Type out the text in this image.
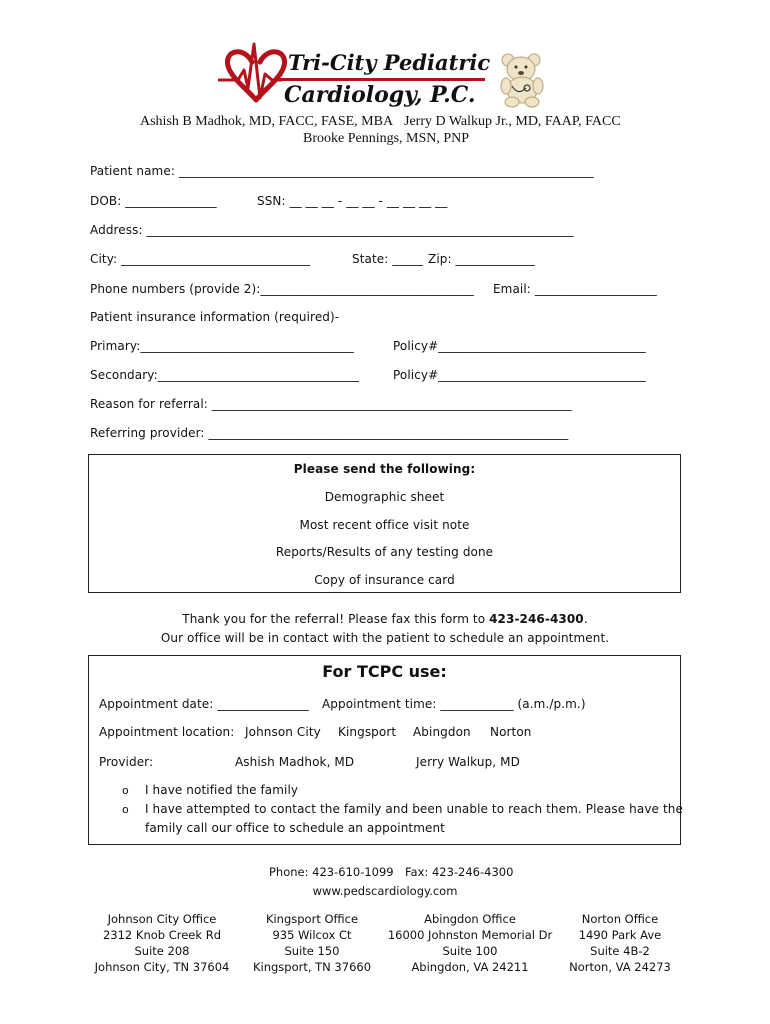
Tri-City Pediatric
Cardiology, P.C.
Ashish B Madhok, MD, FACC, FASE, MBA Jerry D Walkup Jr., MD, FAAP, FACC
Brooke Pennings, MSN, PNP
Patient name: ____________________________________________________________________
DOB: _______________	SSN: __ __ __ - __ __ - __ __ __ __
Address: ______________________________________________________________________
City: _______________________________	State: _____ Zip: _____________
Phone numbers (provide 2):___________________________________ Email: ____________________
Patient insurance information (required)-
Primary:___________________________________	Policy#__________________________________
Secondary:_________________________________	Policy#__________________________________
Reason for referral: ___________________________________________________________
Referring provider: ___________________________________________________________
Please send the following:
Demographic sheet
Most recent office visit note
Reports/Results of any testing done
Copy of insurance card
Thank you for the referral! Please fax this form to 423-246-4300.
Our office will be in contact with the patient to schedule an appointment.
For TCPC use:
Appointment date: _______________ Appointment time: ____________ (a.m./p.m.)
Appointment location: Johnson City Kingsport Abingdon Norton
Provider:	Ashish Madhok, MD	Jerry Walkup, MD
o I have notified the family
o I have attempted to contact the family and been unable to reach them. Please have the
family call our office to schedule an appointment
Phone: 423-610-1099 Fax: 423-246-4300
www.pedscardiology.com
Johnson City Office
2312 Knob Creek Rd
Suite 208
Johnson City, TN 37604
Kingsport Office
935 Wilcox Ct
Suite 150
Kingsport, TN 37660
Abingdon Office
16000 Johnston Memorial Dr
Suite 100
Abingdon, VA 24211
Norton Office
1490 Park Ave
Suite 4B-2
Norton, VA 24273
